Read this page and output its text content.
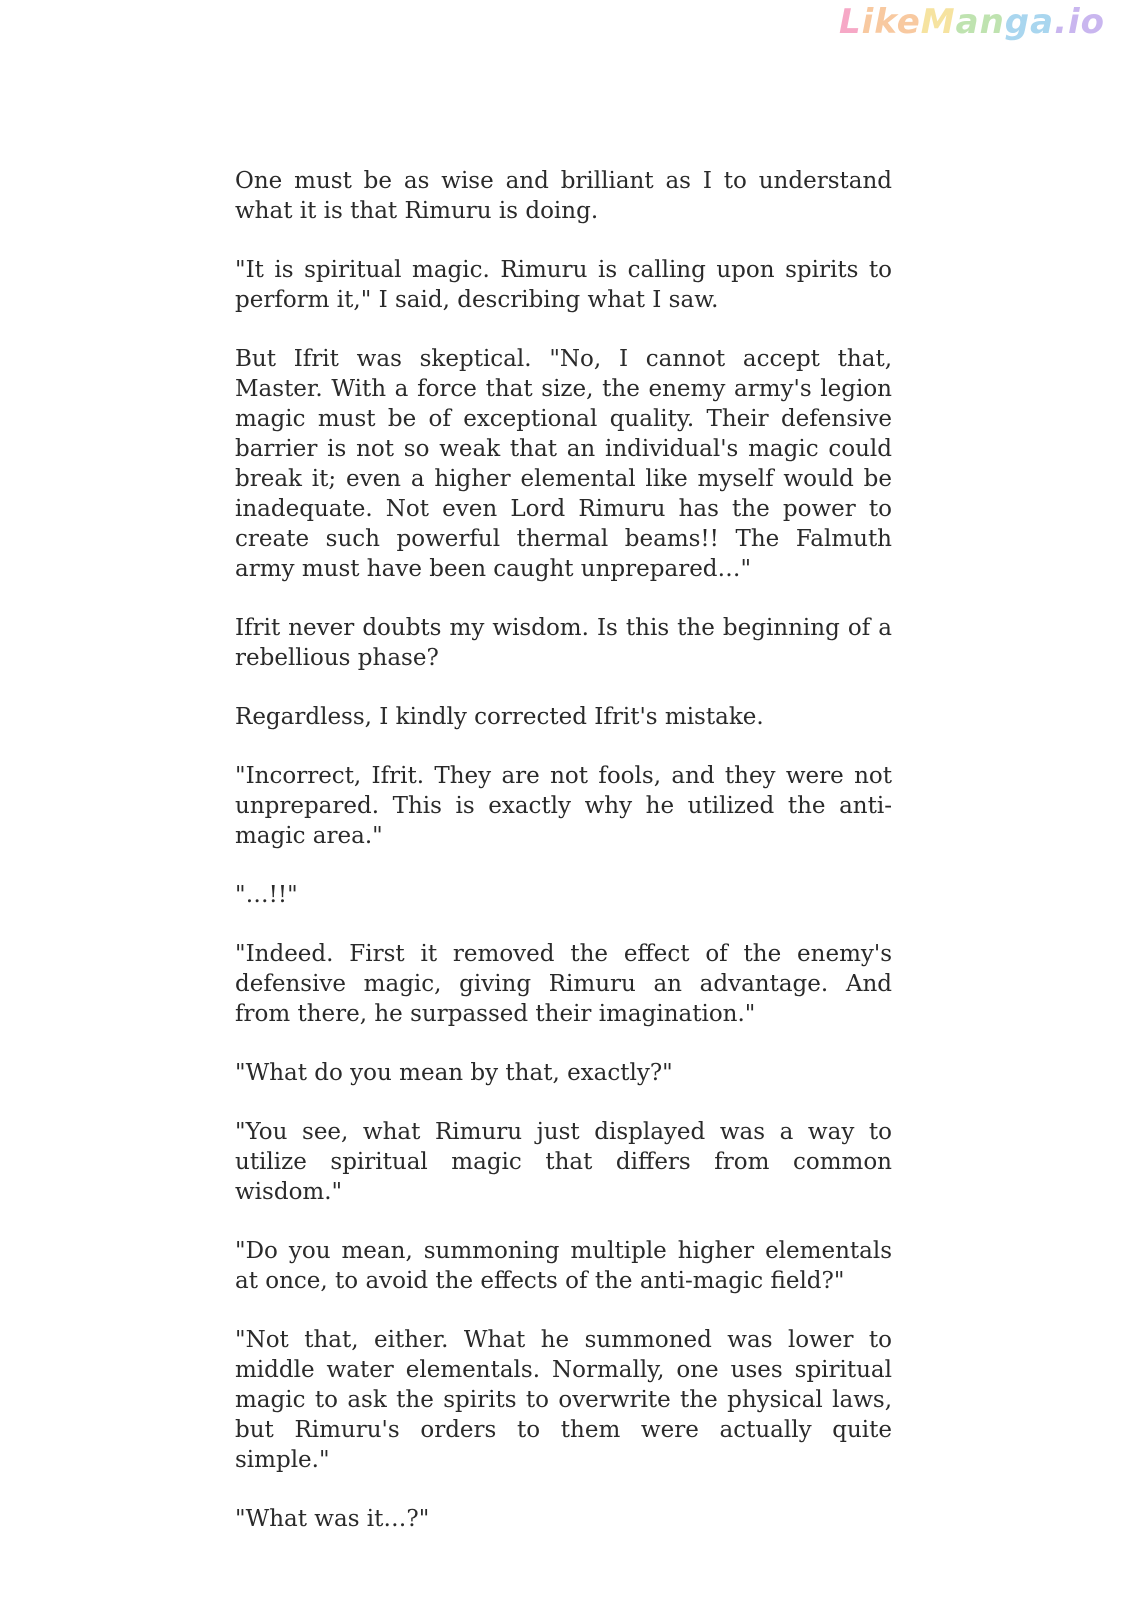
LikeManga.io

One must be as wise and brilliant as I to understand what it is that Rimuru is doing.

"It is spiritual magic. Rimuru is calling upon spirits to perform it," I said, describing what I saw.

But Ifrit was skeptical. "No, I cannot accept that, Master. With a force that size, the enemy army's legion magic must be of exceptional quality. Their defensive barrier is not so weak that an individual's magic could break it; even a higher elemental like myself would be inadequate. Not even Lord Rimuru has the power to create such powerful thermal beams!! The Falmuth army must have been caught unprepared…"

Ifrit never doubts my wisdom. Is this the beginning of a rebellious phase?

Regardless, I kindly corrected Ifrit's mistake.

"Incorrect, Ifrit. They are not fools, and they were not unprepared. This is exactly why he utilized the anti-magic area."

"…!!"

"Indeed. First it removed the effect of the enemy's defensive magic, giving Rimuru an advantage. And from there, he surpassed their imagination."

"What do you mean by that, exactly?"

"You see, what Rimuru just displayed was a way to utilize spiritual magic that differs from common wisdom."

"Do you mean, summoning multiple higher elementals at once, to avoid the effects of the anti-magic field?"

"Not that, either. What he summoned was lower to middle water elementals. Normally, one uses spiritual magic to ask the spirits to overwrite the physical laws, but Rimuru's orders to them were actually quite simple."

"What was it…?"
